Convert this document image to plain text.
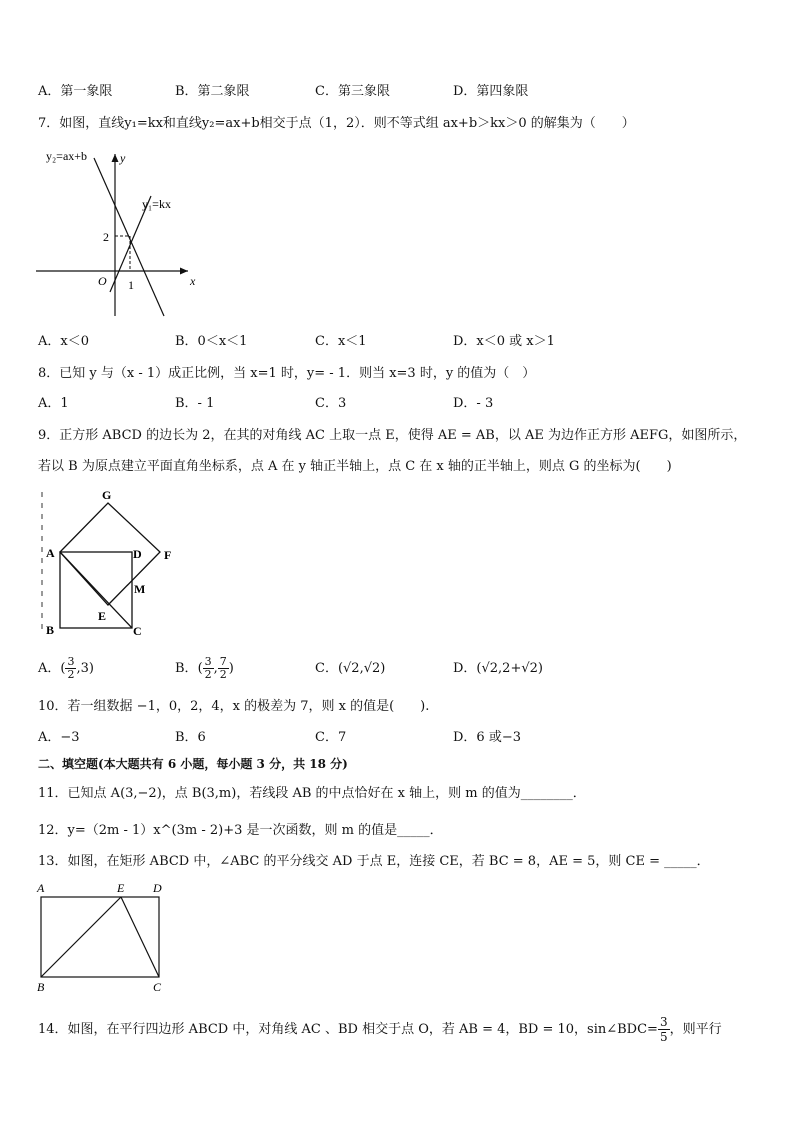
A．第一象限	B．第二象限	C．第三象限	D．第四象限
7．如图，直线y₁=kx和直线y₂=ax+b相交于点（1，2）．则不等式组 ax+b＞kx＞0 的解集为（　　）
y₂=ax+b	y
y₁=kx
2
O 1	x
A．x＜0	B．0＜x＜1	C．x＜1	D．x＜0 或 x＞1
8．已知 y 与（x - 1）成正比例，当 x=1 时，y= - 1．则当 x=3 时，y 的值为（　）
A．1	B．- 1	C．3	D．- 3
9．正方形 ABCD 的边长为 2，在其的对角线 AC 上取一点 E，使得 AE = AB，以 AE 为边作正方形 AEFG，如图所示，
若以 B 为原点建立平面直角坐标系，点 A 在 y 轴正半轴上，点 C 在 x 轴的正半轴上，则点 G 的坐标为(　　)
G
A	D F
M
E
B	C
A．( $\frac{3}{2} ,3$)	B．( $\frac{3}{2}$ , $\frac{7}{2}$ )	C．(√2,√2)	D．(√2,2+√2)
10．若一组数据 −1，0，2，4，x 的极差为 7，则 x 的值是(　　).
A．−3	B．6	C．7	D．6 或−3
二、填空题(本大题共有 6 小题，每小题 3 分，共 18 分)
11．已知点 A(3,−2)，点 B(3,m)，若线段 AB 的中点恰好在 x 轴上，则 m 的值为________．
12．y=（2m - 1）x^(3m - 2)+3 是一次函数，则 m 的值是_____．
13．如图，在矩形 ABCD 中，∠ABC 的平分线交 AD 于点 E，连接 CE，若 BC = 8，AE = 5，则 CE = _____．
A	E D
B	C
14．如图，在平行四边形 ABCD 中，对角线 AC 、BD 相交于点 O，若 AB = 4，BD = 10，sin∠BDC= $\frac{3}{5}$ ，则平行
